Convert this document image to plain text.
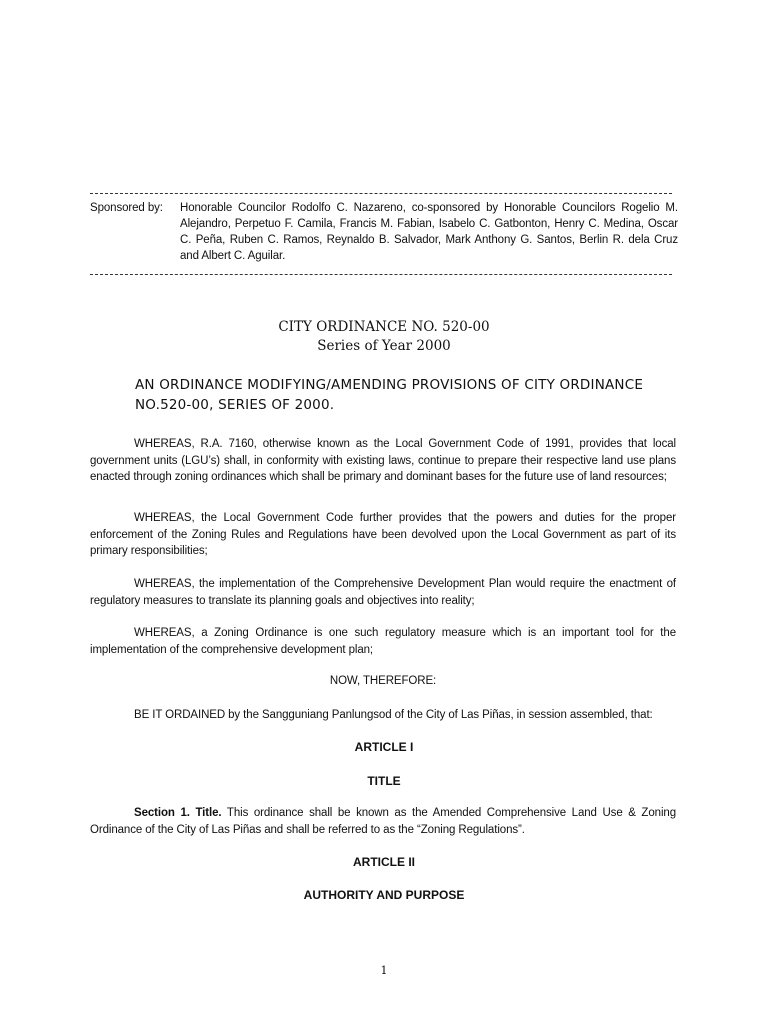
Sponsored by:	Honorable Councilor Rodolfo C. Nazareno, co-sponsored by Honorable Councilors Rogelio M. Alejandro, Perpetuo F. Camila, Francis M. Fabian, Isabelo C. Gatbonton, Henry C. Medina, Oscar C. Peña, Ruben C. Ramos, Reynaldo B. Salvador, Mark Anthony G. Santos, Berlin R. dela Cruz and Albert C. Aguilar.
CITY ORDINANCE NO. 520-00
Series of Year 2000
AN ORDINANCE MODIFYING/AMENDING PROVISIONS OF CITY ORDINANCE NO.520-00, SERIES OF 2000.

WHEREAS, R.A. 7160, otherwise known as the Local Government Code of 1991, provides that local government units (LGU’s) shall, in conformity with existing laws, continue to prepare their respective land use plans enacted through zoning ordinances which shall be primary and dominant bases for the future use of land resources;

WHEREAS, the Local Government Code further provides that the powers and duties for the proper enforcement of the Zoning Rules and Regulations have been devolved upon the Local Government as part of its primary responsibilities;

WHEREAS, the implementation of the Comprehensive Development Plan would require the enactment of regulatory measures to translate its planning goals and objectives into reality;

WHEREAS, a Zoning Ordinance is one such regulatory measure which is an important tool for the implementation of the comprehensive development plan;

NOW, THEREFORE:

BE IT ORDAINED by the Sangguniang Panlungsod of the City of Las Piñas, in session assembled, that:

ARTICLE I
TITLE

Section 1. Title. This ordinance shall be known as the Amended Comprehensive Land Use & Zoning Ordinance of the City of Las Piñas and shall be referred to as the “Zoning Regulations”.

ARTICLE II
AUTHORITY AND PURPOSE
1
